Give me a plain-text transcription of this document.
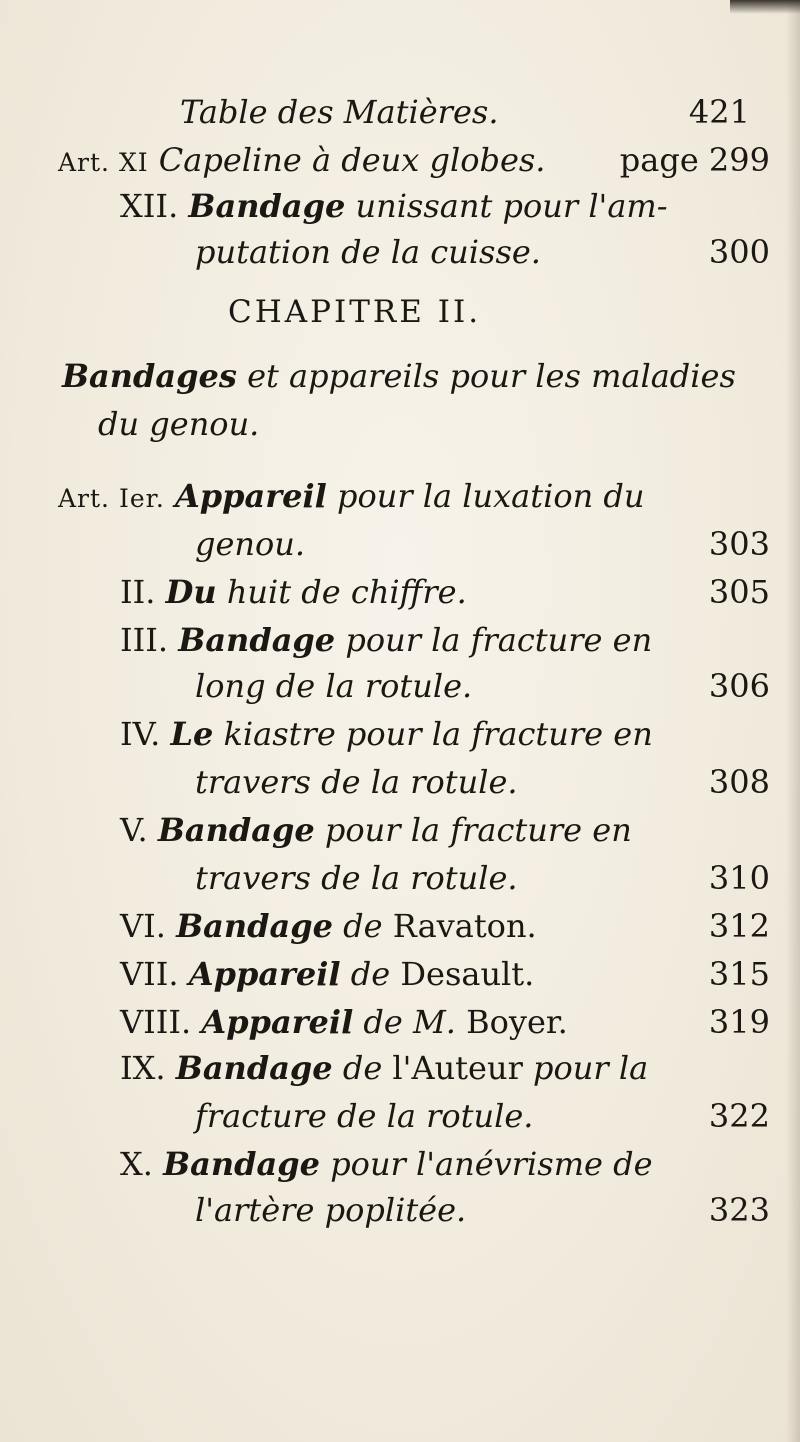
Table des Matières.	421
Art. XI Capeline à deux globes.	page 299
XII. Bandage unissant pour l'am-
putation de la cuisse.	300
CHAPITRE II.
Bandages et appareils pour les maladies
du genou.
Art. Ier. Appareil pour la luxation du
genou.	303
II. Du huit de chiffre.	305
III. Bandage pour la fracture en
long de la rotule.	306
IV. Le kiastre pour la fracture en
travers de la rotule.	308
V. Bandage pour la fracture en
travers de la rotule.	310
VI. Bandage de Ravaton.	312
VII. Appareil de Desault.	315
VIII. Appareil de M. Boyer.	319
IX. Bandage de l'Auteur pour la
fracture de la rotule.	322
X. Bandage pour l'anévrisme de
l'artère poplitée.	323
